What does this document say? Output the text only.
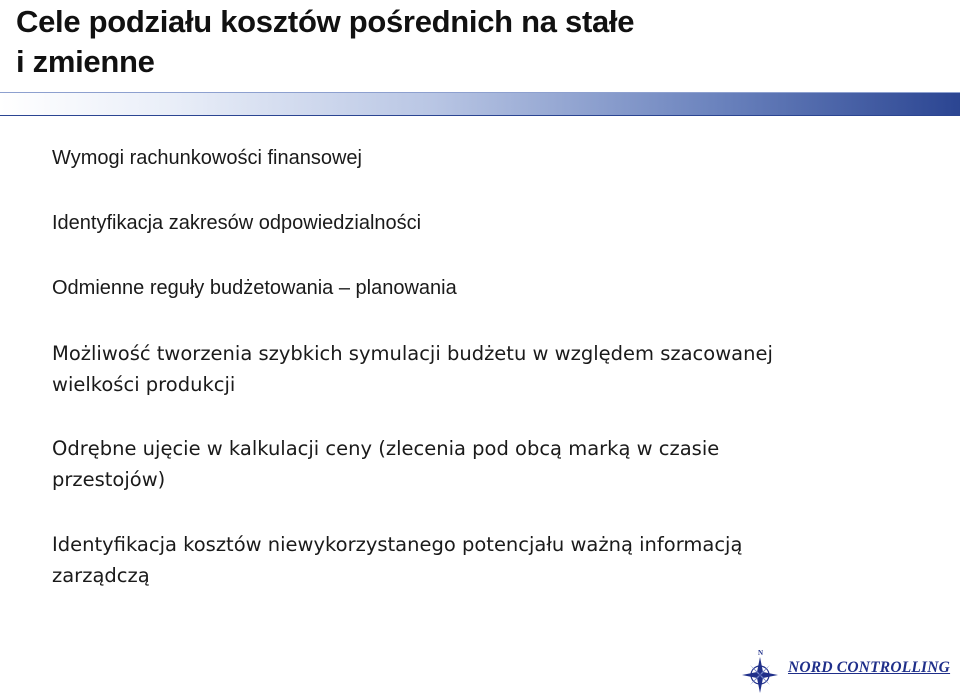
Cele podziału kosztów pośrednich na stałe
i zmienne

Wymogi rachunkowości finansowej

Identyfikacja zakresów odpowiedzialności

Odmienne reguły budżetowania – planowania

Możliwość tworzenia szybkich symulacji budżetu w względem szacowanej
wielkości produkcji

Odrębne ujęcie w kalkulacji ceny (zlecenia pod obcą marką w czasie
przestojów)

Identyfikacja kosztów niewykorzystanego potencjału ważną informacją
zarządczą

N
NORD CONTROLLING
